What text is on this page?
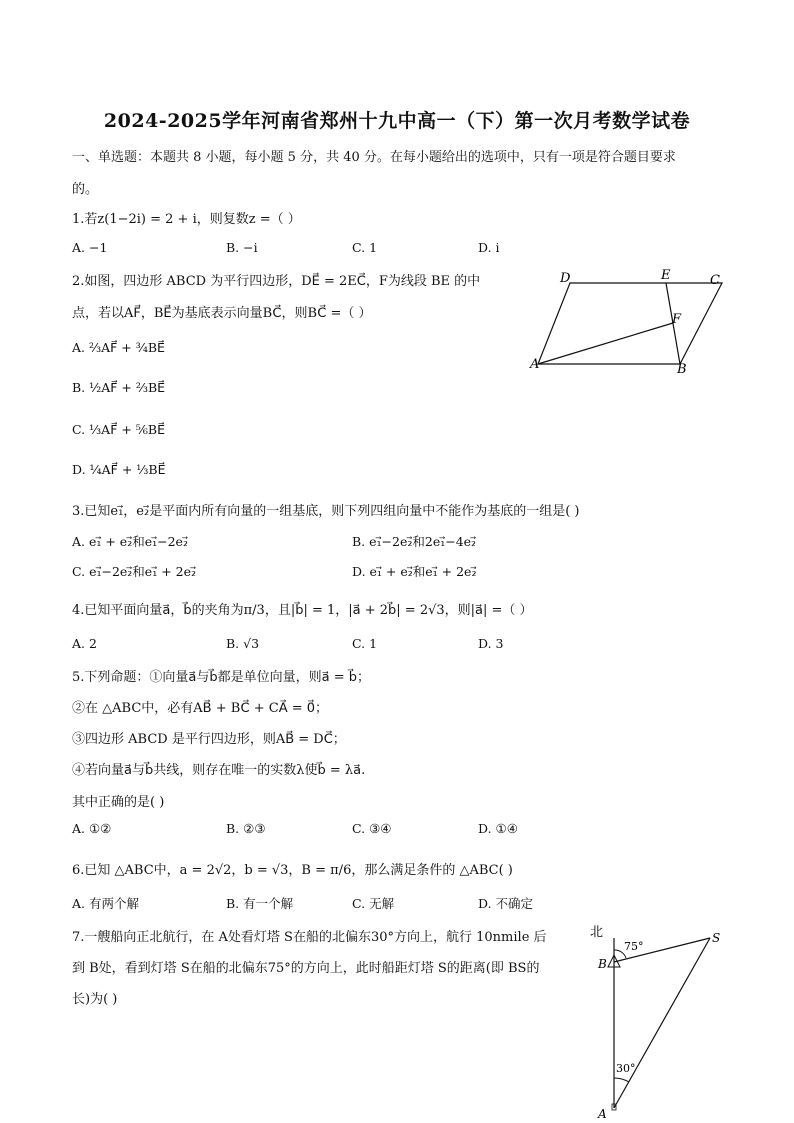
2024-2025学年河南省郑州十九中高一（下）第一次月考数学试卷
一、单选题：本题共 8 小题，每小题 5 分，共 40 分。在每小题给出的选项中，只有一项是符合题目要求
的。
1.若z(1−2i) = 2 + i，则复数z =（ ）
A. −1	B. −i	C. 1	D. i
2.如图，四边形 ABCD 为平行四边形，DE⃗ = 2EC⃗，F为线段 BE 的中
点，若以AF⃗，BE⃗为基底表示向量BC⃗，则BC⃗ =（ ）
A. ²⁄₃AF⃗ + ³⁄₄BE⃗
B. ¹⁄₂AF⃗ + ²⁄₃BE⃗
C. ¹⁄₃AF⃗ + ⁵⁄₆BE⃗
D. ¹⁄₄AF⃗ + ¹⁄₃BE⃗
D	E	C
F
A	B
3.已知e₁⃗，e₂⃗是平面内所有向量的一组基底，则下列四组向量中不能作为基底的一组是( )
A. e₁⃗ + e₂⃗和e₁⃗−2e₂⃗	B. e₁⃗−2e₂⃗和2e₁⃗−4e₂⃗
C. e₁⃗−2e₂⃗和e₁⃗ + 2e₂⃗	D. e₁⃗ + e₂⃗和e₁⃗ + 2e₂⃗
4.已知平面向量a⃗，b⃗的夹角为π/3，且|b⃗| = 1，|a⃗ + 2b⃗| = 2√3，则|a⃗| =（ ）
A. 2	B. √3	C. 1	D. 3
5.下列命题：①向量a⃗与b⃗都是单位向量，则a⃗ = b⃗；
②在 △ABC中，必有AB⃗ + BC⃗ + CA⃗ = 0⃗；
③四边形 ABCD 是平行四边形，则AB⃗ = DC⃗；
④若向量a⃗与b⃗共线，则存在唯一的实数λ使b⃗ = λa⃗.
其中正确的是( )
A. ①②	B. ②③	C. ③④	D. ①④
6.已知 △ABC中，a = 2√2，b = √3，B = π/6，那么满足条件的 △ABC( )
A. 有两个解	B. 有一个解	C. 无解	D. 不确定
7.一艘船向正北航行，在 A处看灯塔 S在船的北偏东30°方向上，航行 10nmile 后
到 B处，看到灯塔 S在船的北偏东75°的方向上，此时船距灯塔 S的距离(即 BS的
长)为( )
北
B
S
A
75°
30°
